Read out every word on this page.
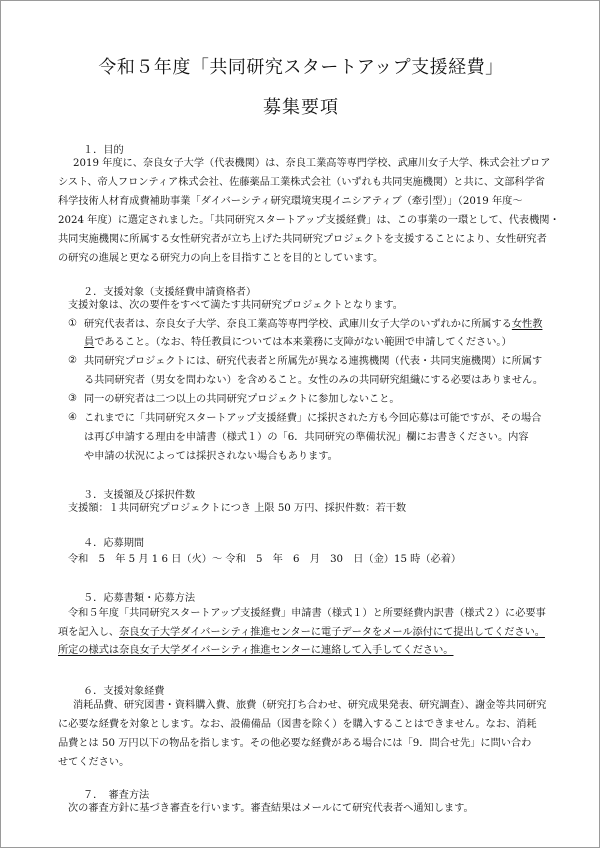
令和５年度「共同研究スタートアップ支援経費」
募集要項
１．目的
2019 年度に、奈良女子大学（代表機関）は、奈良工業高等専門学校、武庫川女子大学、株式会社プロア
シスト、帝人フロンティア株式会社、佐藤薬品工業株式会社（いずれも共同実施機関）と共に、文部科学省
科学技術人材育成費補助事業「ダイバーシティ研究環境実現イニシアティブ（牽引型）」（2019 年度～
2024 年度）に選定されました。「共同研究スタートアップ支援経費」は、この事業の一環として、代表機関・
共同実施機関に所属する女性研究者が立ち上げた共同研究プロジェクトを支援することにより、女性研究者
の研究の進展と更なる研究力の向上を目指すことを目的としています。
２．支援対象（支援経費申請資格者）
支援対象は、次の要件をすべて満たす共同研究プロジェクトとなります。
① 研究代表者は、奈良女子大学、奈良工業高等専門学校、武庫川女子大学のいずれかに所属する女性教
員であること。（なお、特任教員については本来業務に支障がない範囲で申請してください。）
② 共同研究プロジェクトには、研究代表者と所属先が異なる連携機関（代表・共同実施機関）に所属す
る共同研究者（男女を問わない）を含めること。女性のみの共同研究組織にする必要はありません。
③ 同一の研究者は二つ以上の共同研究プロジェクトに参加しないこと。
④ これまでに「共同研究スタートアップ支援経費」に採択された方も今回応募は可能ですが、その場合
は再び申請する理由を申請書（様式１）の「6．共同研究の準備状況」欄にお書きください。内容
や申請の状況によっては採択されない場合もあります。
３．支援額及び採択件数
支援額：１共同研究プロジェクトにつき 上限 50 万円、採択件数：若干数
４．応募期間
令和　5　年 5 月 1 6 日（火）～ 令和　5　年　6　月　30　日（金）15 時（必着）
５．応募書類・応募方法
令和５年度「共同研究スタートアップ支援経費」申請書（様式１）と所要経費内訳書（様式２）に必要事
項を記入し、奈良女子大学ダイバーシティ推進センターに電子データをメール添付にて提出してください。
所定の様式は奈良女子大学ダイバーシティ推進センターに連絡して入手してください。
６．支援対象経費
消耗品費、研究図書・資料購入費、旅費（研究打ち合わせ、研究成果発表、研究調査）、謝金等共同研究
に必要な経費を対象とします。なお、設備備品（図書を除く）を購入することはできません。なお、消耗
品費とは 50 万円以下の物品を指します。その他必要な経費がある場合には「9．問合せ先」に問い合わ
せてください。
７．　審査方法
次の審査方針に基づき審査を行います。審査結果はメールにて研究代表者へ通知します。
